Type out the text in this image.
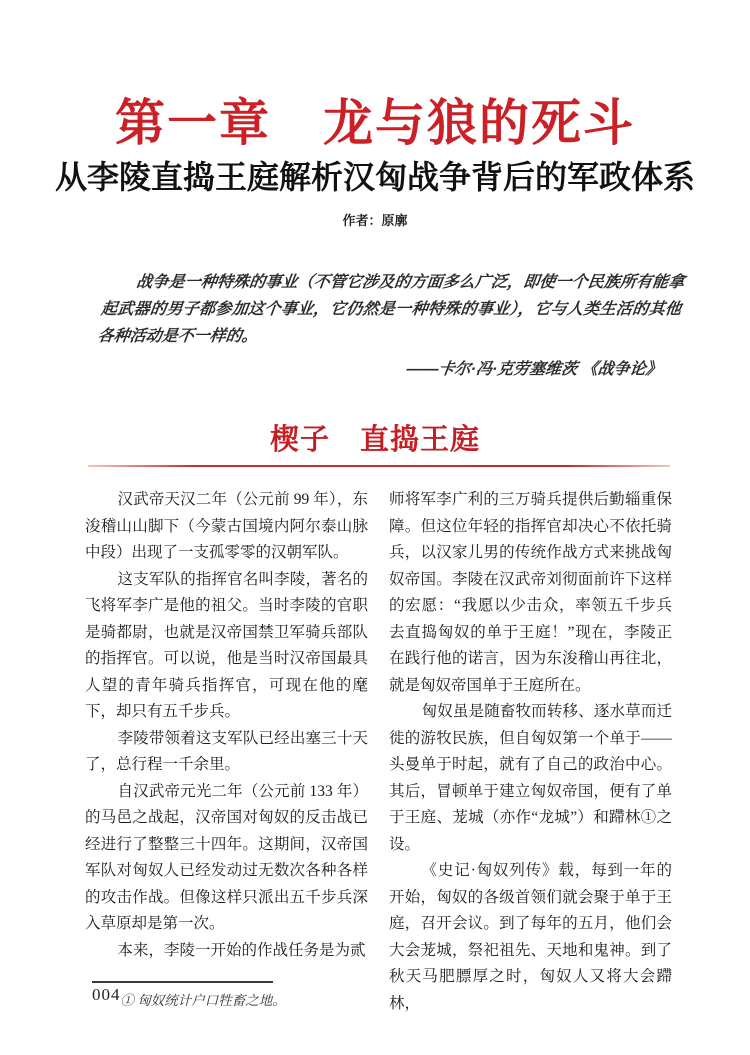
第一章　龙与狼的死斗
从李陵直捣王庭解析汉匈战争背后的军政体系
作者：原廓
战争是一种特殊的事业（不管它涉及的方面多么广泛，即使一个民族所有能拿起武器的男子都参加这个事业，它仍然是一种特殊的事业），它与人类生活的其他各种活动是不一样的。
——卡尔·冯·克劳塞维茨 《战争论》
楔子　直捣王庭

汉武帝天汉二年（公元前 99 年），东浚稽山山脚下（今蒙古国境内阿尔泰山脉中段）出现了一支孤零零的汉朝军队。

这支军队的指挥官名叫李陵，著名的飞将军李广是他的祖父。当时李陵的官职是骑都尉，也就是汉帝国禁卫军骑兵部队的指挥官。可以说，他是当时汉帝国最具人望的青年骑兵指挥官，可现在他的麾下，却只有五千步兵。

李陵带领着这支军队已经出塞三十天了，总行程一千余里。

自汉武帝元光二年（公元前 133 年）的马邑之战起，汉帝国对匈奴的反击战已经进行了整整三十四年。这期间，汉帝国军队对匈奴人已经发动过无数次各种各样的攻击作战。但像这样只派出五千步兵深入草原却是第一次。

本来，李陵一开始的作战任务是为贰

师将军李广利的三万骑兵提供后勤辎重保障。但这位年轻的指挥官却决心不依托骑兵，以汉家儿男的传统作战方式来挑战匈奴帝国。李陵在汉武帝刘彻面前许下这样的宏愿：“我愿以少击众，率领五千步兵去直捣匈奴的单于王庭！”现在，李陵正在践行他的诺言，因为东浚稽山再往北，就是匈奴帝国单于王庭所在。

匈奴虽是随畜牧而转移、逐水草而迁徙的游牧民族，但自匈奴第一个单于——头曼单于时起，就有了自己的政治中心。其后，冒顿单于建立匈奴帝国，便有了单于王庭、茏城（亦作“龙城”）和蹛林①之设。

《史记·匈奴列传》载，每到一年的开始，匈奴的各级首领们就会聚于单于王庭，召开会议。到了每年的五月，他们会大会茏城，祭祀祖先、天地和鬼神。到了秋天马肥膘厚之时，匈奴人又将大会蹛林，

① 匈奴统计户口牲畜之地。
004
